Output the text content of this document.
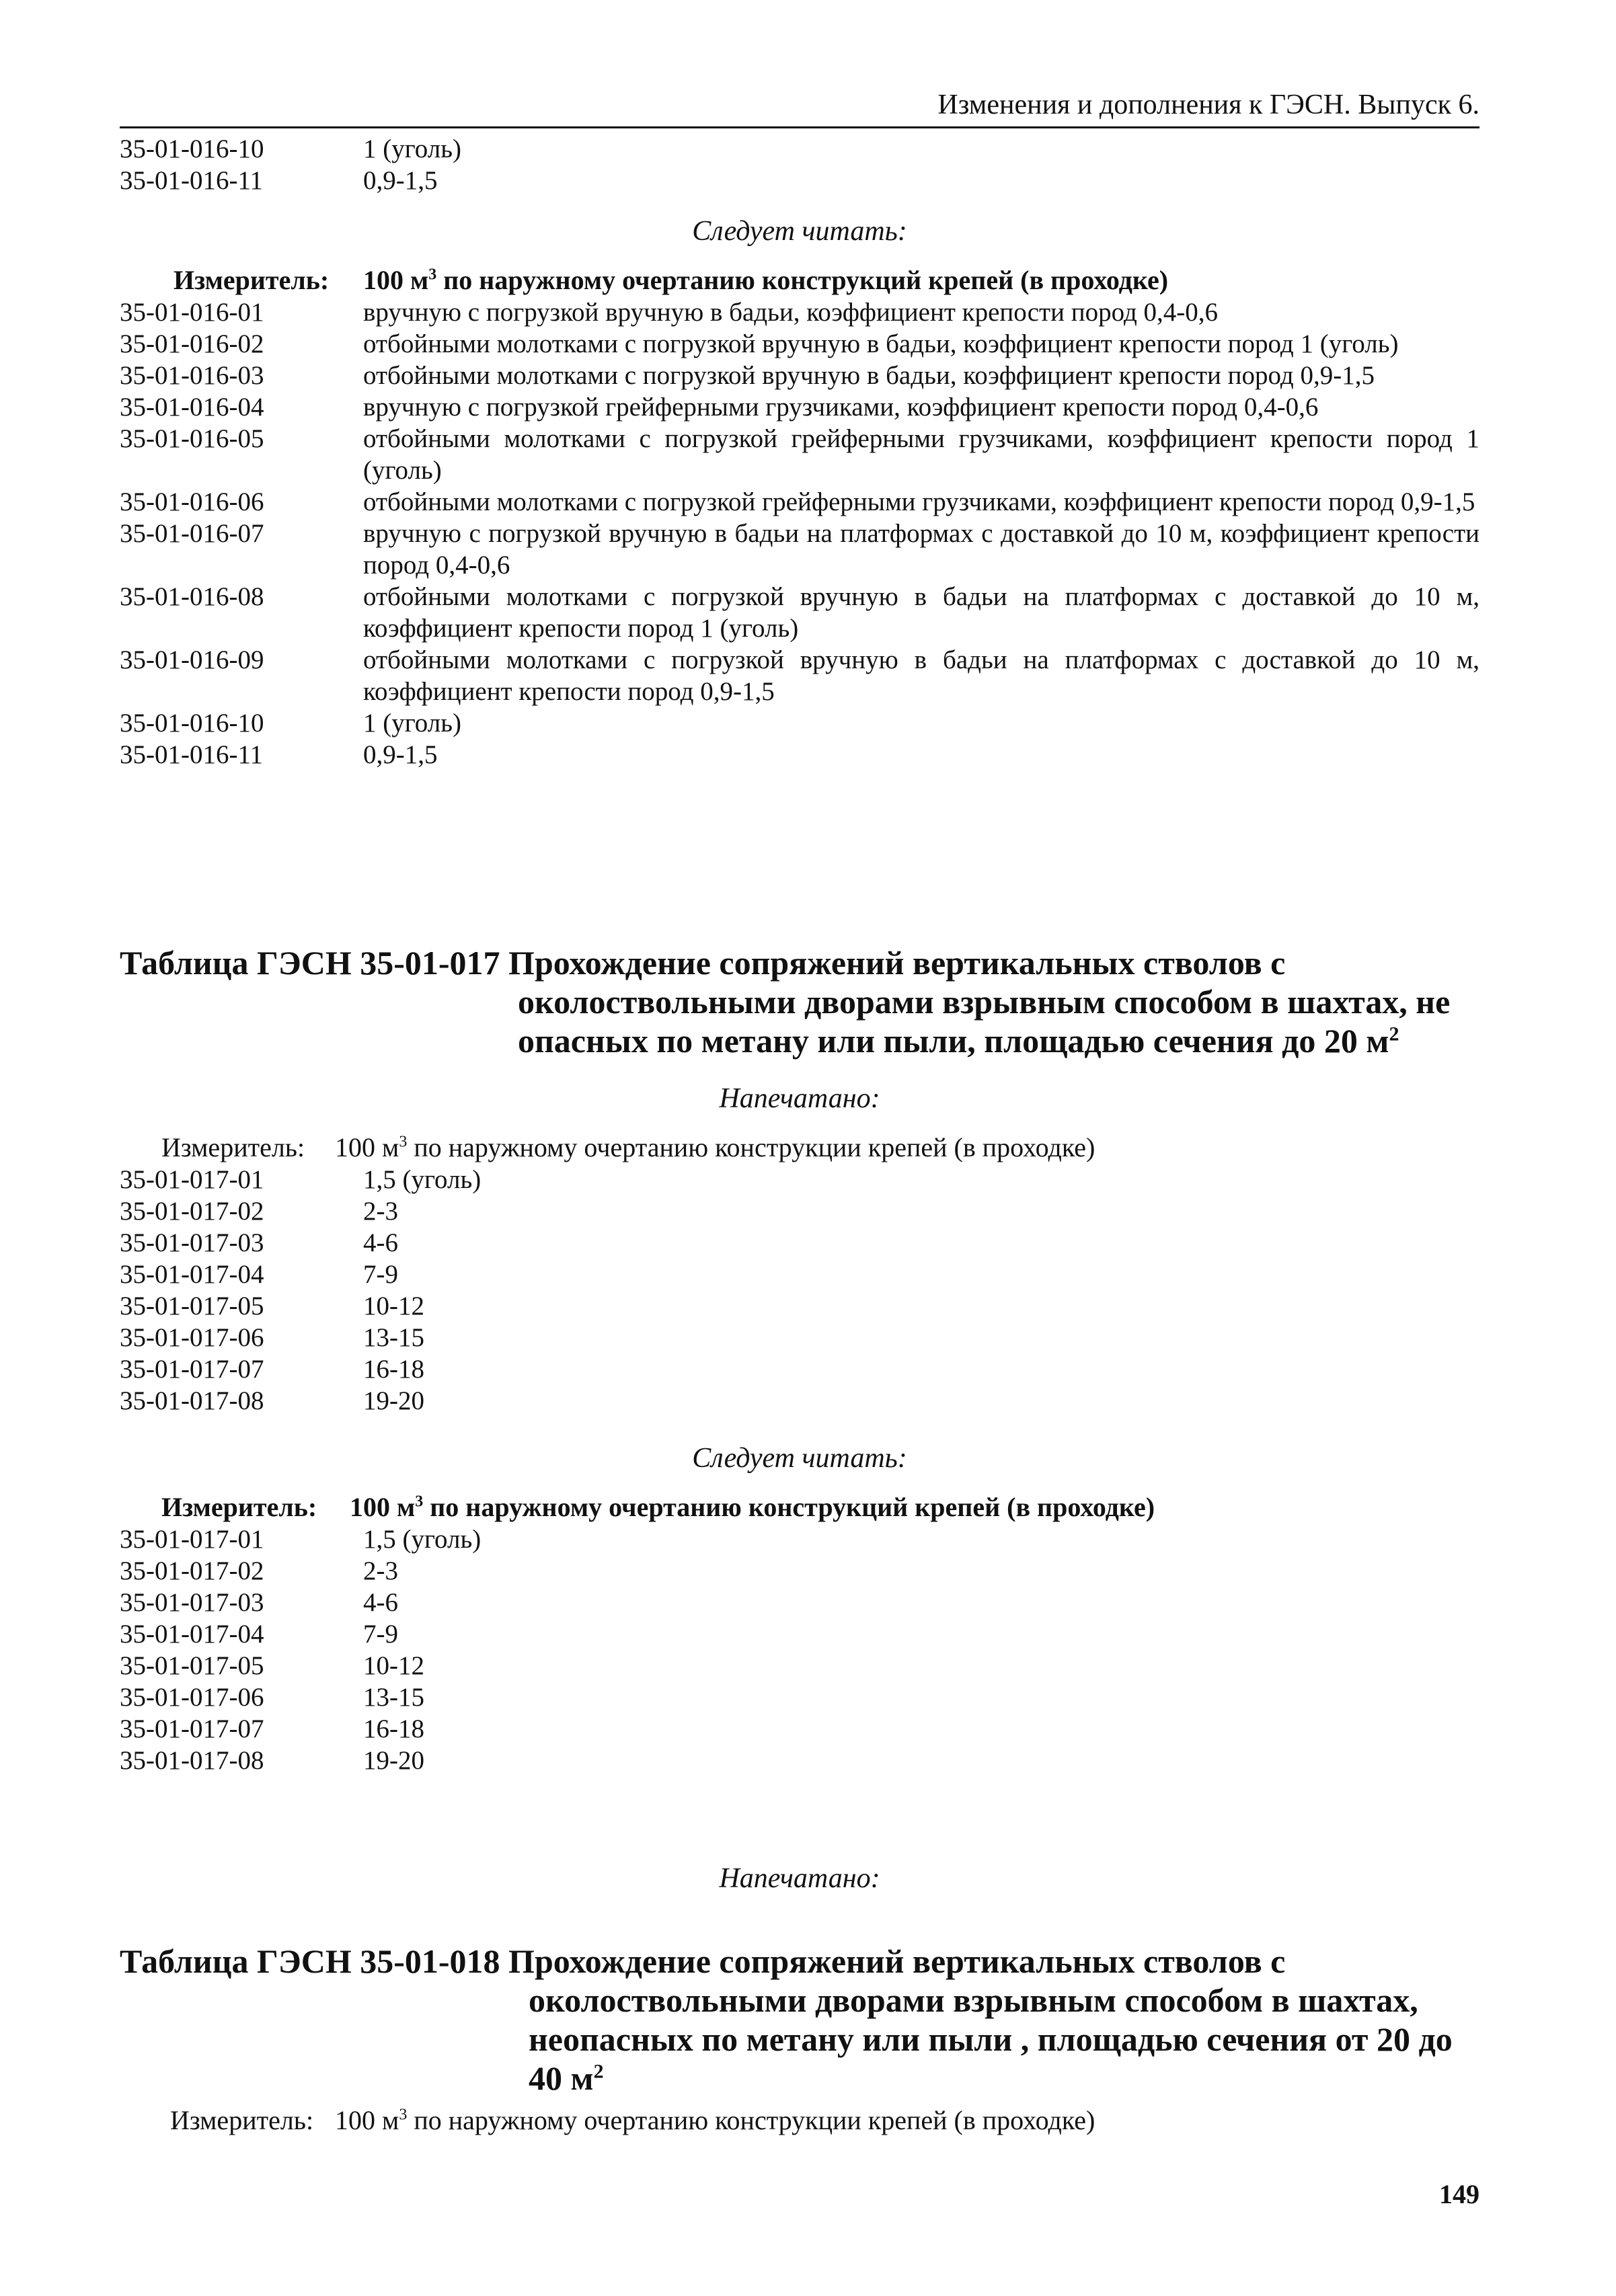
Изменения и дополнения к ГЭСН. Выпуск 6.
35-01-016-10	1 (уголь)
35-01-016-11	0,9-1,5
Следует читать:
Измеритель: 100 $м^3$ по наружному очертанию конструкций крепей (в проходке)
35-01-016-01	вручную с погрузкой вручную в бадьи, коэффициент крепости пород 0,4-0,6
35-01-016-02	отбойными молотками с погрузкой вручную в бадьи, коэффициент крепости пород 1 (уголь)
35-01-016-03	отбойными молотками с погрузкой вручную в бадьи, коэффициент крепости пород 0,9-1,5
35-01-016-04	вручную с погрузкой грейферными грузчиками, коэффициент крепости пород 0,4-0,6
35-01-016-05	отбойными молотками с погрузкой грейферными грузчиками, коэффициент крепости пород 1 (уголь)
35-01-016-06	отбойными молотками с погрузкой грейферными грузчиками, коэффициент крепости пород 0,9-1,5
35-01-016-07	вручную с погрузкой вручную в бадьи на платформах с доставкой до 10 м, коэффициент крепости пород 0,4-0,6
35-01-016-08	отбойными молотками с погрузкой вручную в бадьи на платформах с доставкой до 10 м, коэффициент крепости пород 1 (уголь)
35-01-016-09	отбойными молотками с погрузкой вручную в бадьи на платформах с доставкой до 10 м, коэффициент крепости пород 0,9-1,5
35-01-016-10	1 (уголь)
35-01-016-11	0,9-1,5
Таблица ГЭСН 35-01-017 Прохождение сопряжений вертикальных стволов с
околоствольными дворами взрывным способом в шахтах, не
опасных по метану или пыли, площадью сечения до 20 $м^2$
Напечатано:
Измеритель: 100 $м^3$ по наружному очертанию конструкции крепей (в проходке)
35-01-017-01	1,5 (уголь)
35-01-017-02	2-3
35-01-017-03	4-6
35-01-017-04	7-9
35-01-017-05	10-12
35-01-017-06	13-15
35-01-017-07	16-18
35-01-017-08	19-20
Следует читать:
Измеритель: 100 $м^3$ по наружному очертанию конструкций крепей (в проходке)
35-01-017-01	1,5 (уголь)
35-01-017-02	2-3
35-01-017-03	4-6
35-01-017-04	7-9
35-01-017-05	10-12
35-01-017-06	13-15
35-01-017-07	16-18
35-01-017-08	19-20
Напечатано:
Таблица ГЭСН 35-01-018 Прохождение сопряжений вертикальных стволов с
околоствольными дворами взрывным способом в шахтах,
неопасных по метану или пыли , площадью сечения от 20 до
40 $м^2$
Измеритель: 100 $м^3$ по наружному очертанию конструкции крепей (в проходке)
149
